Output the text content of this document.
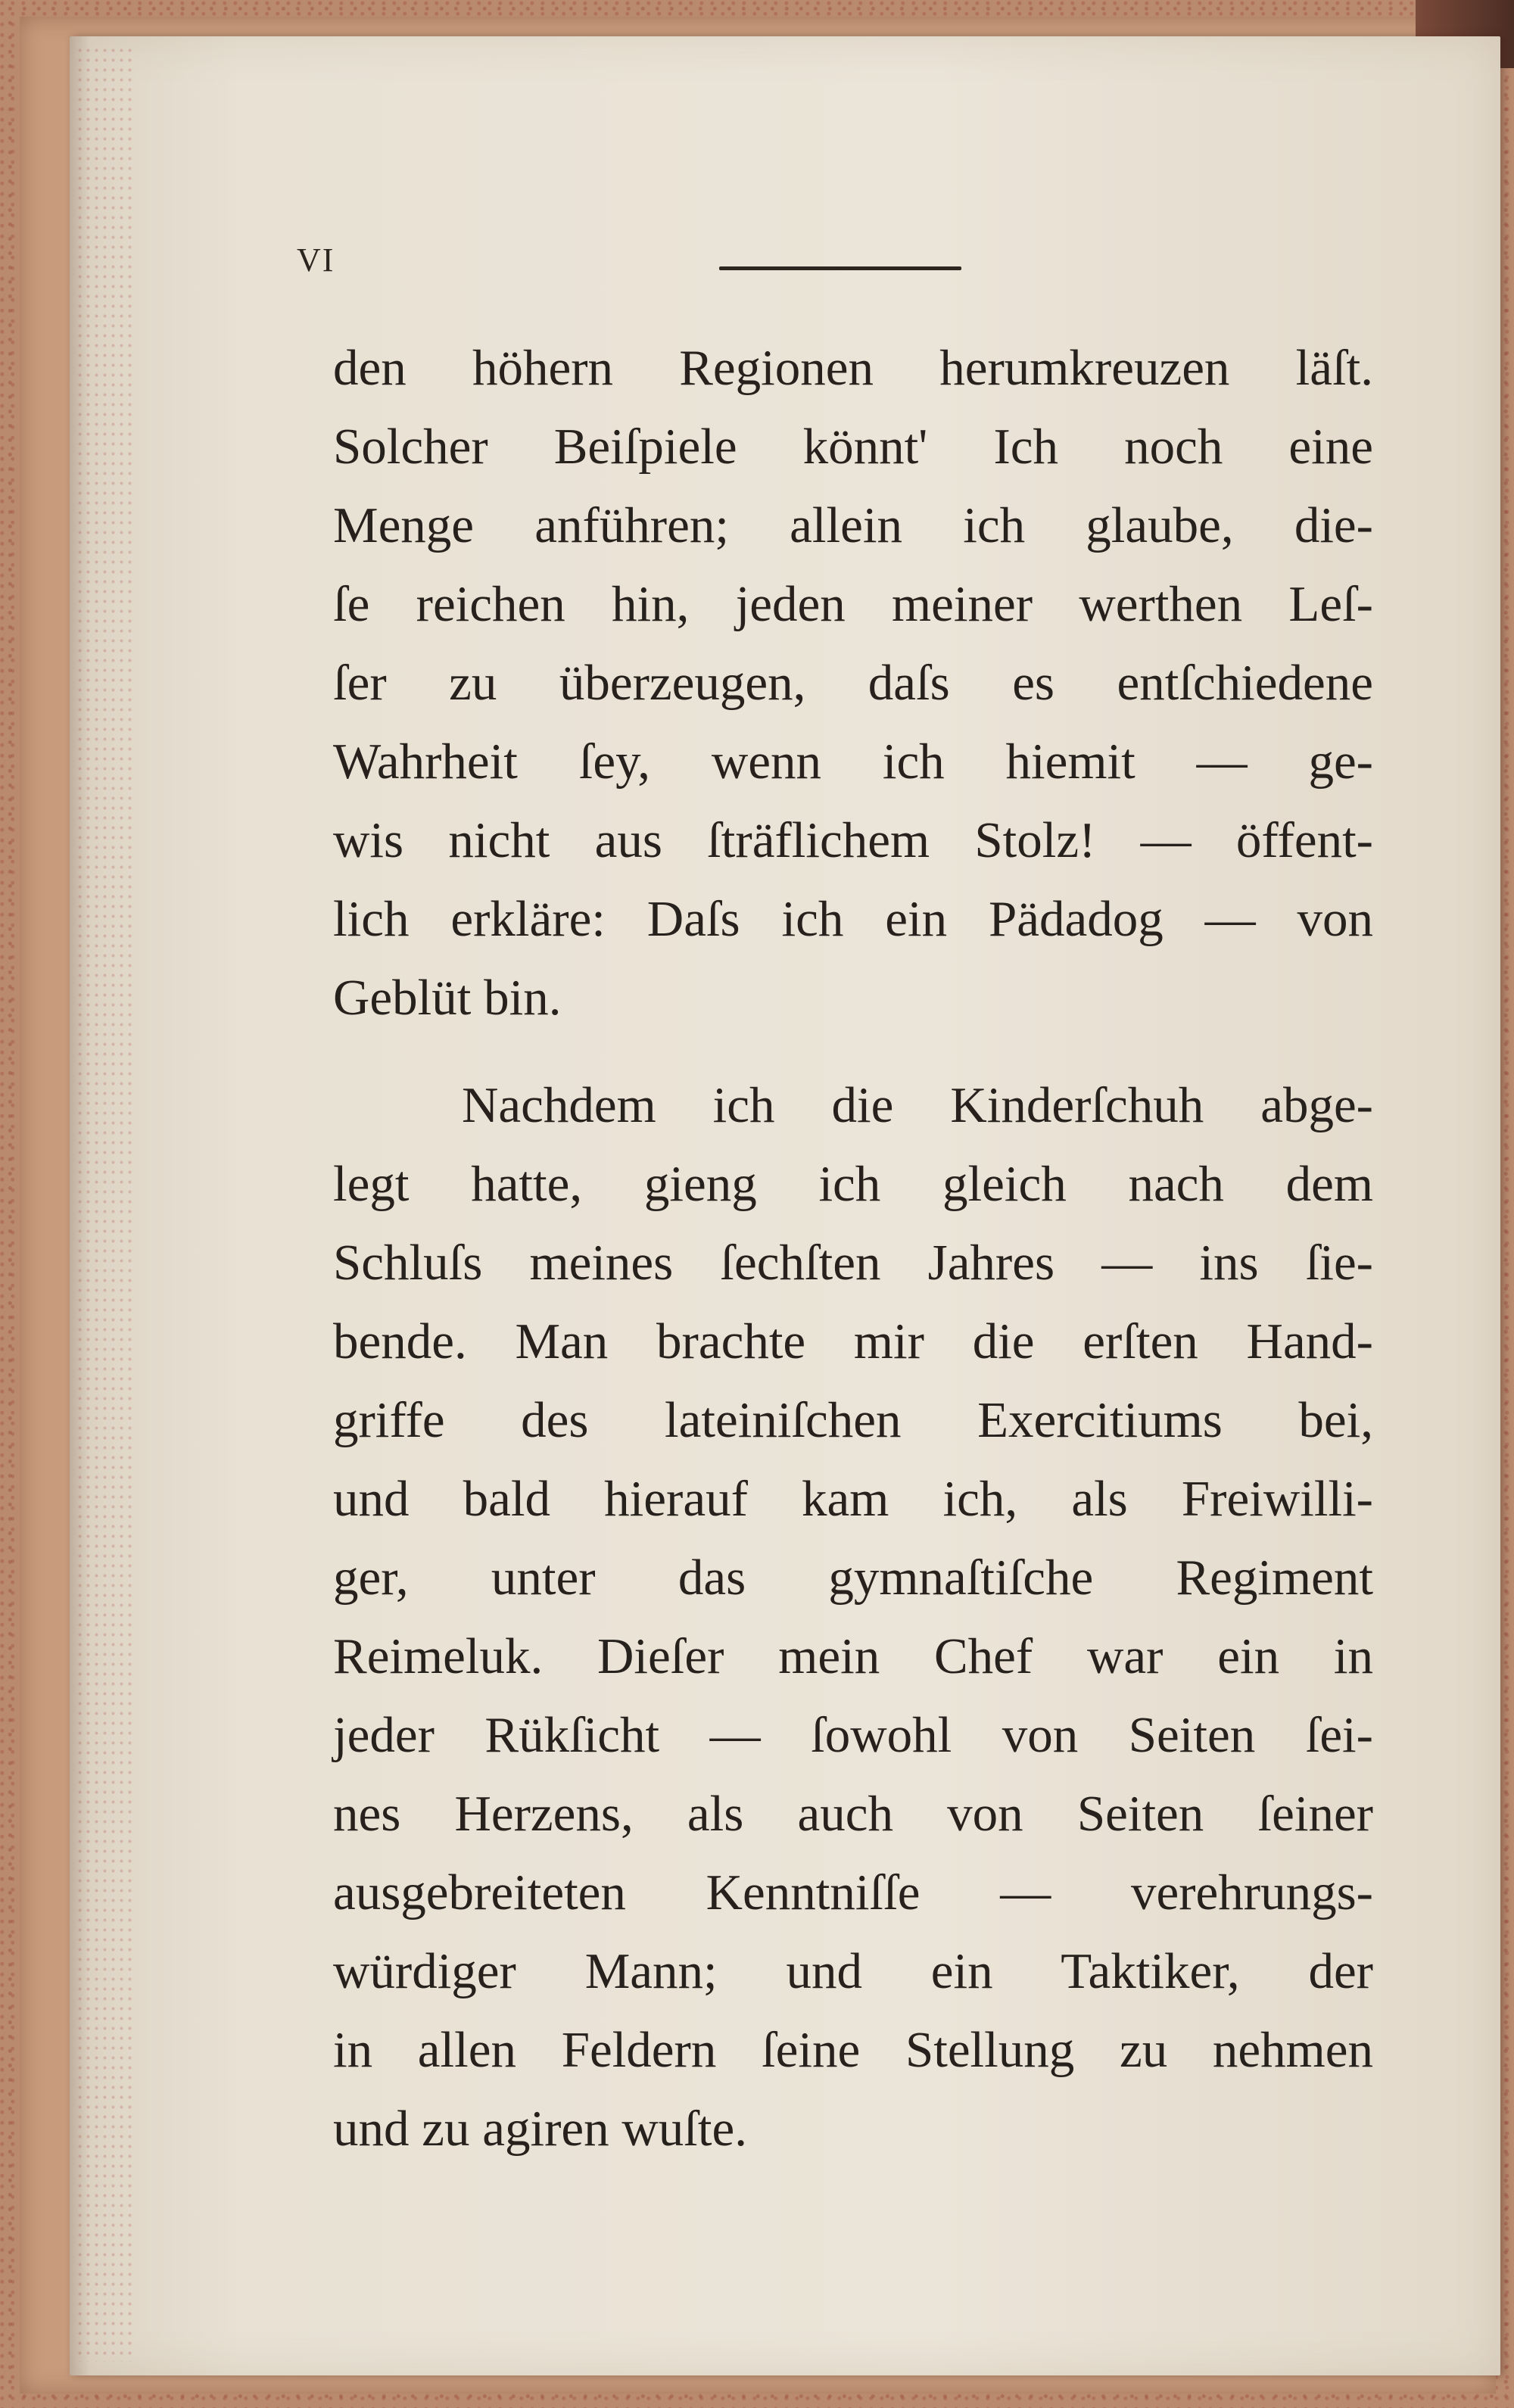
VI
den höhern Regionen herumkreuzen läſt.
Solcher Beiſpiele könnt' Ich noch eine
Menge anführen; allein ich glaube, die-
ſe reichen hin, jeden meiner werthen Leſ-
ſer zu überzeugen, daſs es entſchiedene
Wahrheit ſey, wenn ich hiemit — ge-
wis nicht aus ſträflichem Stolz! — öffent-
lich erkläre: Daſs ich ein Pädadog — von
Geblüt bin.
Nachdem ich die Kinderſchuh abge-
legt hatte, gieng ich gleich nach dem
Schluſs meines ſechſten Jahres — ins ſie-
bende. Man brachte mir die erſten Hand-
griffe des lateiniſchen Exercitiums bei,
und bald hierauf kam ich, als Freiwilli-
ger, unter das gymnaſtiſche Regiment
Reimeluk. Dieſer mein Chef war ein in
jeder Rükſicht — ſowohl von Seiten ſei-
nes Herzens, als auch von Seiten ſeiner
ausgebreiteten Kenntniſſe — verehrungs-
würdiger Mann; und ein Taktiker, der
in allen Feldern ſeine Stellung zu nehmen
und zu agiren wuſte.
